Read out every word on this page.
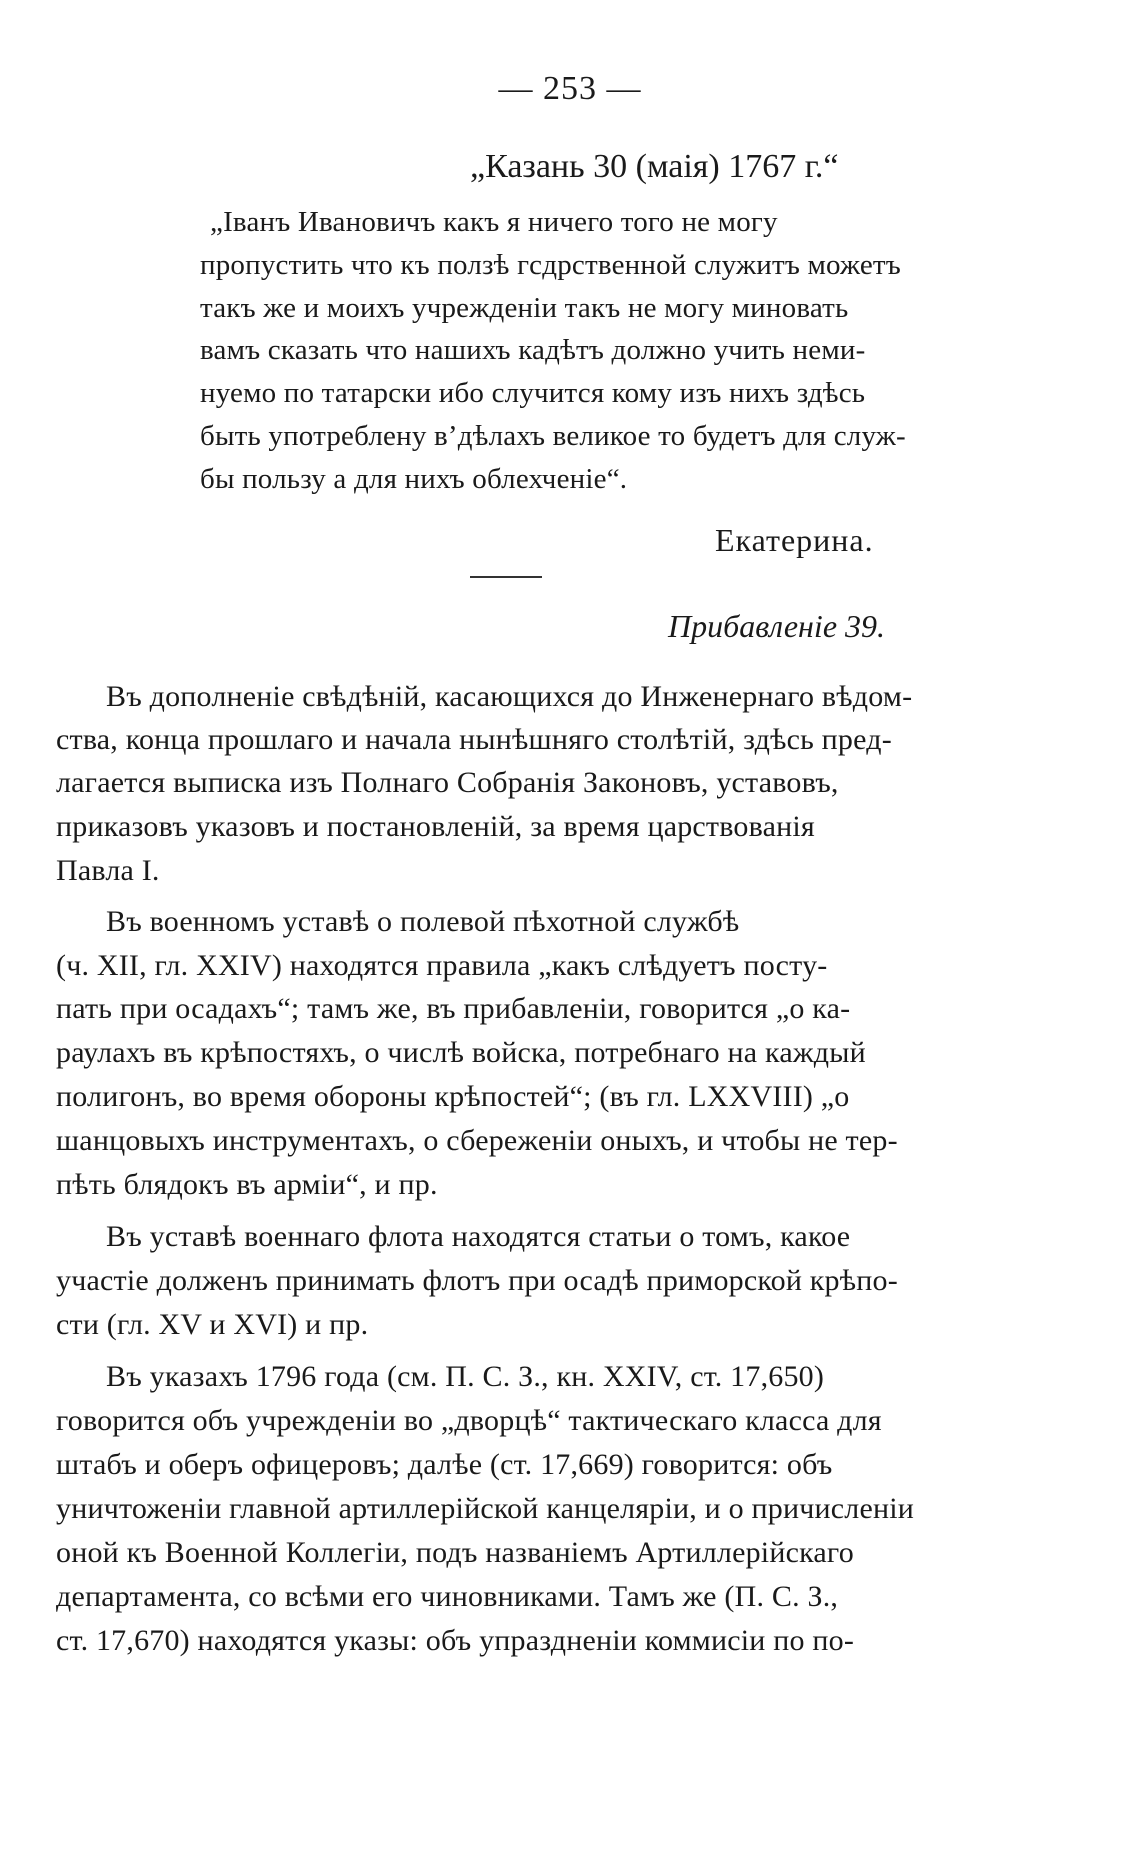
— 253 —
„Казань 30 (маія) 1767 г.“
„Іванъ Ивановичъ какъ я ничего того не могу
пропустить что къ ползѣ гсдрственной служитъ можетъ
такъ же и моихъ учрежденіи такъ не могу миновать
вамъ сказать что нашихъ кадѣтъ должно учить неми-
нуемо по татарски ибо случится кому изъ нихъ здѣсь
быть употреблену в’дѣлахъ великое то будетъ для служ-
бы пользу а для нихъ облехченіе“.
Екатерина.
Прибавленіе 39.
Въ дополненіе свѣдѣній, касающихся до Инженернаго вѣдом-
ства, конца прошлаго и начала нынѣшняго столѣтій, здѣсь пред-
лагается выписка изъ Полнаго Собранія Законовъ, уставовъ,
приказовъ указовъ и постановленій, за время царствованія
Павла I.
Въ военномъ уставѣ о полевой пѣхотной службѣ
(ч. XII, гл. XXIV) находятся правила „какъ слѣдуетъ посту-
пать при осадахъ“; тамъ же, въ прибавленіи, говорится „о ка-
раулахъ въ крѣпостяхъ, о числѣ войска, потребнаго на каждый
полигонъ, во время обороны крѣпостей“; (въ гл. LXXVIII) „о
шанцовыхъ инструментахъ, о сбереженіи оныхъ, и чтобы не тер-
пѣть блядокъ въ арміи“, и пр.
Въ уставѣ военнаго флота находятся статьи о томъ, какое
участіе долженъ принимать флотъ при осадѣ приморской крѣпо-
сти (гл. XV и XVI) и пр.
Въ указахъ 1796 года (см. П. С. З., кн. XXIV, ст. 17,650)
говорится объ учрежденіи во „дворцѣ“ тактическаго класса для
штабъ и оберъ офицеровъ; далѣе (ст. 17,669) говорится: объ
уничтоженіи главной артиллерійской канцеляріи, и о причисленіи
оной къ Военной Коллегіи, подъ названіемъ Артиллерійскаго
департамента, со всѣми его чиновниками. Тамъ же (П. С. З.,
ст. 17,670) находятся указы: объ упраздненіи коммисіи по по-
